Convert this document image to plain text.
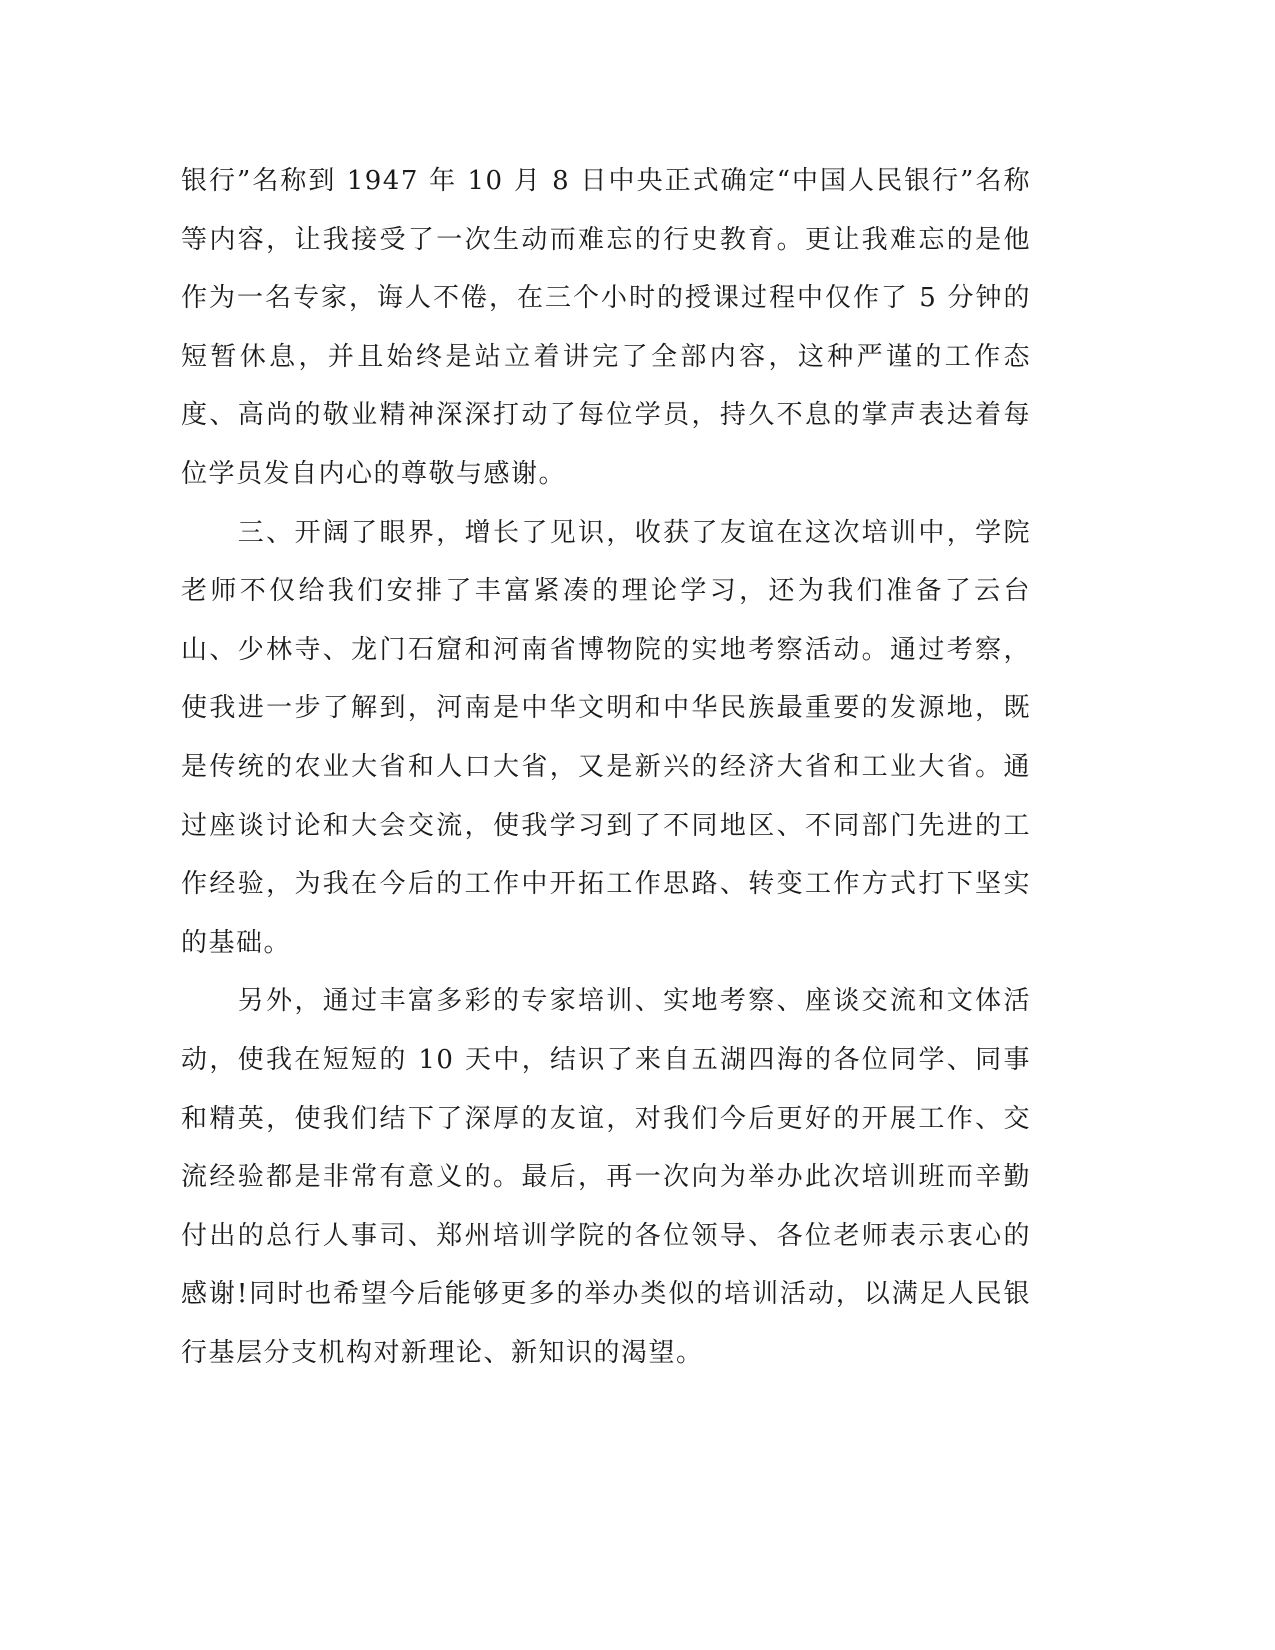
银行”名称到 1947 年 10 月 8 日中央正式确定“中国人民银行”名称等内容，让我接受了一次生动而难忘的行史教育。更让我难忘的是他作为一名专家，诲人不倦，在三个小时的授课过程中仅作了 5 分钟的短暂休息，并且始终是站立着讲完了全部内容，这种严谨的工作态度、高尚的敬业精神深深打动了每位学员，持久不息的掌声表达着每位学员发自内心的尊敬与感谢。

　　三、开阔了眼界，增长了见识，收获了友谊在这次培训中，学院老师不仅给我们安排了丰富紧凑的理论学习，还为我们准备了云台山、少林寺、龙门石窟和河南省博物院的实地考察活动。通过考察，使我进一步了解到，河南是中华文明和中华民族最重要的发源地，既是传统的农业大省和人口大省，又是新兴的经济大省和工业大省。通过座谈讨论和大会交流，使我学习到了不同地区、不同部门先进的工作经验，为我在今后的工作中开拓工作思路、转变工作方式打下坚实的基础。

　　另外，通过丰富多彩的专家培训、实地考察、座谈交流和文体活动，使我在短短的 10 天中，结识了来自五湖四海的各位同学、同事和精英，使我们结下了深厚的友谊，对我们今后更好的开展工作、交流经验都是非常有意义的。最后，再一次向为举办此次培训班而辛勤付出的总行人事司、郑州培训学院的各位领导、各位老师表示衷心的感谢!同时也希望今后能够更多的举办类似的培训活动，以满足人民银行基层分支机构对新理论、新知识的渴望。
